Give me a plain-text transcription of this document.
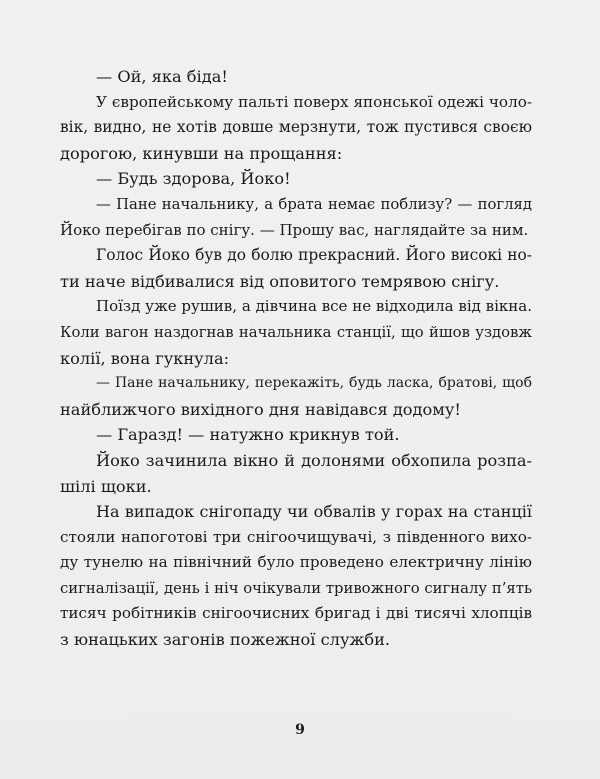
— Ой, яка біда!
У європейському пальті поверх японської одежі чоло-
вік, видно, не хотів довше мерзнути, тож пустився своєю
дорогою, кинувши на прощання:
— Будь здорова, Йоко!
— Пане начальнику, а брата немає поблизу? — погляд
Йоко перебігав по снігу. — Прошу вас, наглядайте за ним.
Голос Йоко був до болю прекрасний. Його високі но-
ти наче відбивалися від оповитого темрявою снігу.
Поїзд уже рушив, а дівчина все не відходила від вікна.
Коли вагон наздогнав начальника станції, що йшов уздовж
колії, вона гукнула:
— Пане начальнику, перекажіть, будь ласка, братові, щоб
найближчого вихідного дня навідався додому!
— Гаразд! — натужно крикнув той.
Йоко зачинила вікно й долонями обхопила розпа-
шілі щоки.
На випадок снігопаду чи обвалів у горах на станції
стояли напоготові три снігоочищувачі, з південного вихо-
ду тунелю на північний було проведено електричну лінію
сигналізації, день і ніч очікували тривожного сигналу п’ять
тисяч робітників снігоочисних бригад і дві тисячі хлопців
з юнацьких загонів пожежної служби.
9
